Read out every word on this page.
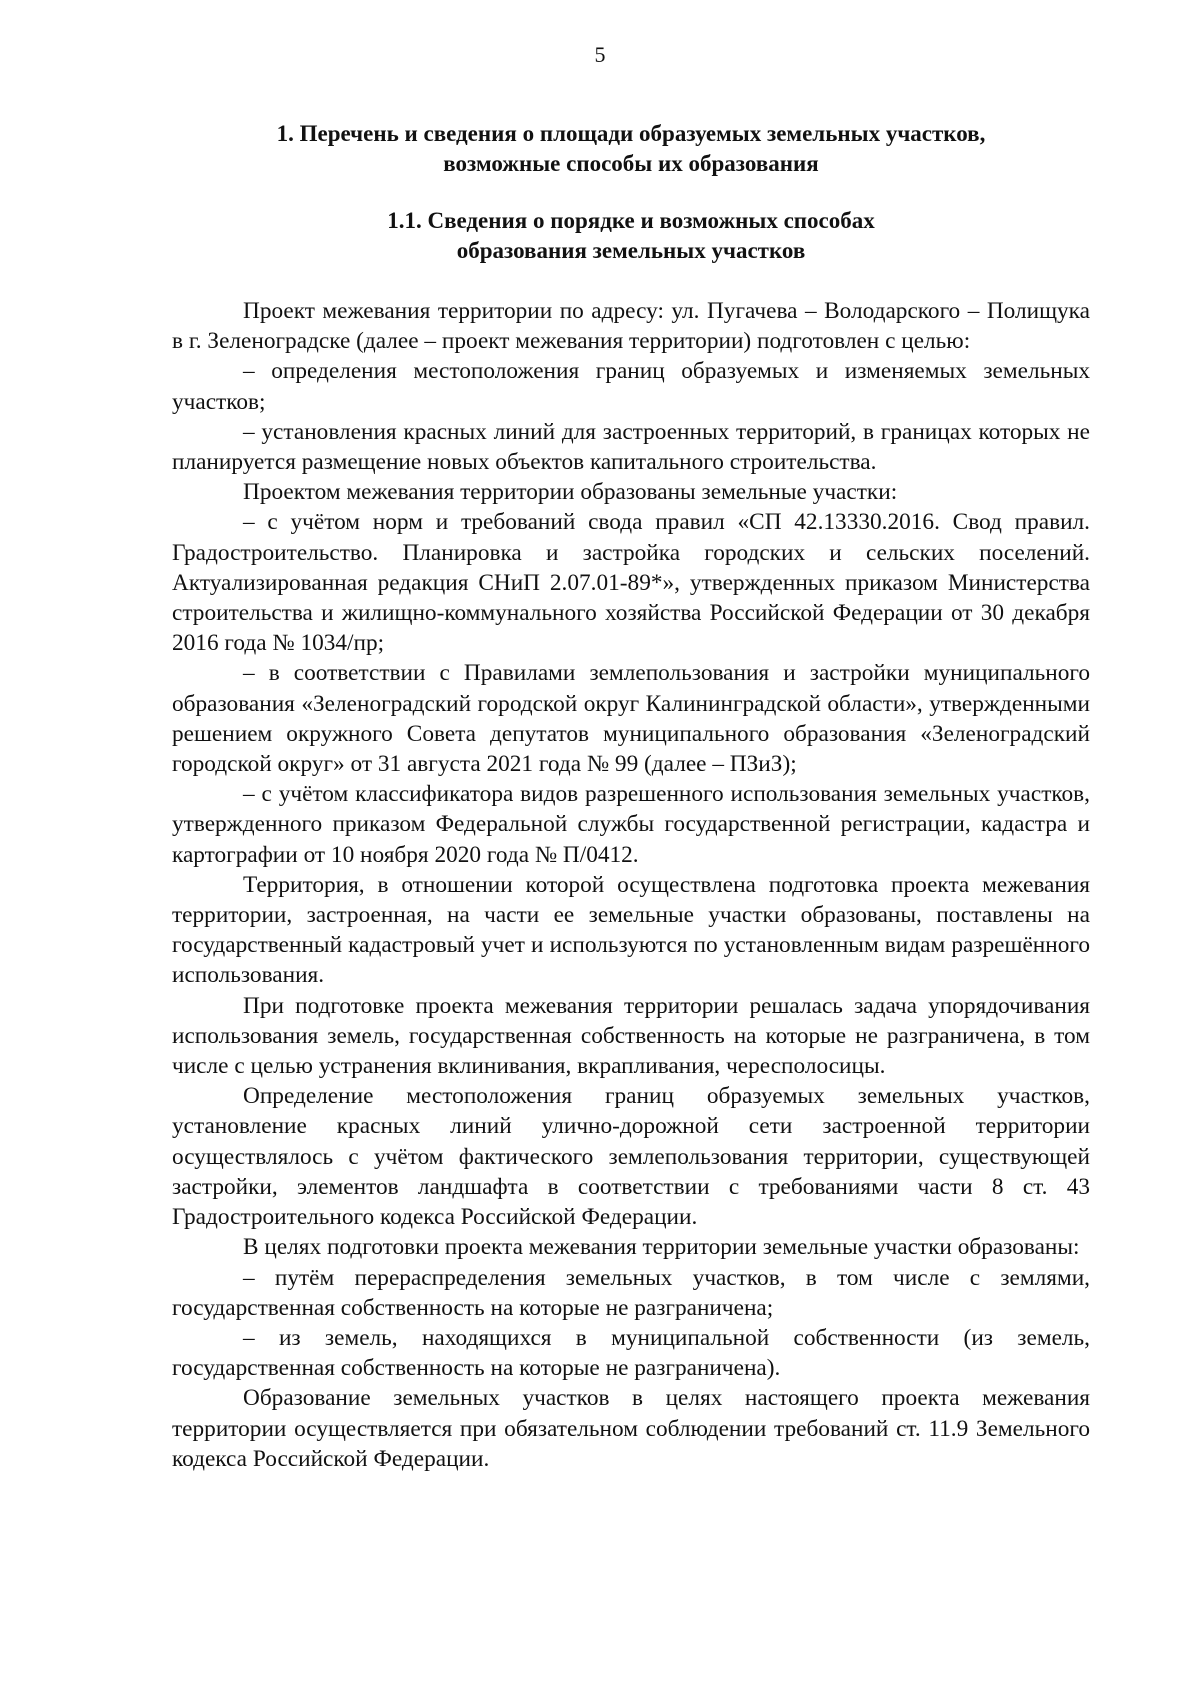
5
1. Перечень и сведения о площади образуемых земельных участков,
возможные способы их образования
1.1. Сведения о порядке и возможных способах
образования земельных участков

Проект межевания территории по адресу: ул. Пугачева – Володарского – Полищука в г. Зеленоградске (далее – проект межевания территории) подготовлен с целью:

– определения местоположения границ образуемых и изменяемых земельных участков;

– установления красных линий для застроенных территорий, в границах которых не планируется размещение новых объектов капитального строительства.

Проектом межевания территории образованы земельные участки:

– с учётом норм и требований свода правил «СП 42.13330.2016. Свод правил. Градостроительство. Планировка и застройка городских и сельских поселений. Актуализированная редакция СНиП 2.07.01-89*», утвержденных приказом Министерства строительства и жилищно-коммунального хозяйства Российской Федерации от 30 декабря 2016 года № 1034/пр;

– в соответствии с Правилами землепользования и застройки муниципального образования «Зеленоградский городской округ Калининградской области», утвержденными решением окружного Совета депутатов муниципального образования «Зеленоградский городской округ» от 31 августа 2021 года № 99 (далее – ПЗиЗ);

– с учётом классификатора видов разрешенного использования земельных участков, утвержденного приказом Федеральной службы государственной регистрации, кадастра и картографии от 10 ноября 2020 года № П/0412.

Территория, в отношении которой осуществлена подготовка проекта межевания территории, застроенная, на части ее земельные участки образованы, поставлены на государственный кадастровый учет и используются по установленным видам разрешённого использования.

При подготовке проекта межевания территории решалась задача упорядочивания использования земель, государственная собственность на которые не разграничена, в том числе с целью устранения вклинивания, вкрапливания, чересполосицы.

Определение местоположения границ образуемых земельных участков, установление красных линий улично-дорожной сети застроенной территории осуществлялось с учётом фактического землепользования территории, существующей застройки, элементов ландшафта в соответствии с требованиями части 8 ст. 43 Градостроительного кодекса Российской Федерации.

В целях подготовки проекта межевания территории земельные участки образованы:

– путём перераспределения земельных участков, в том числе с землями, государственная собственность на которые не разграничена;

– из земель, находящихся в муниципальной собственности (из земель, государственная собственность на которые не разграничена).

Образование земельных участков в целях настоящего проекта межевания территории осуществляется при обязательном соблюдении требований ст. 11.9 Земельного кодекса Российской Федерации.
